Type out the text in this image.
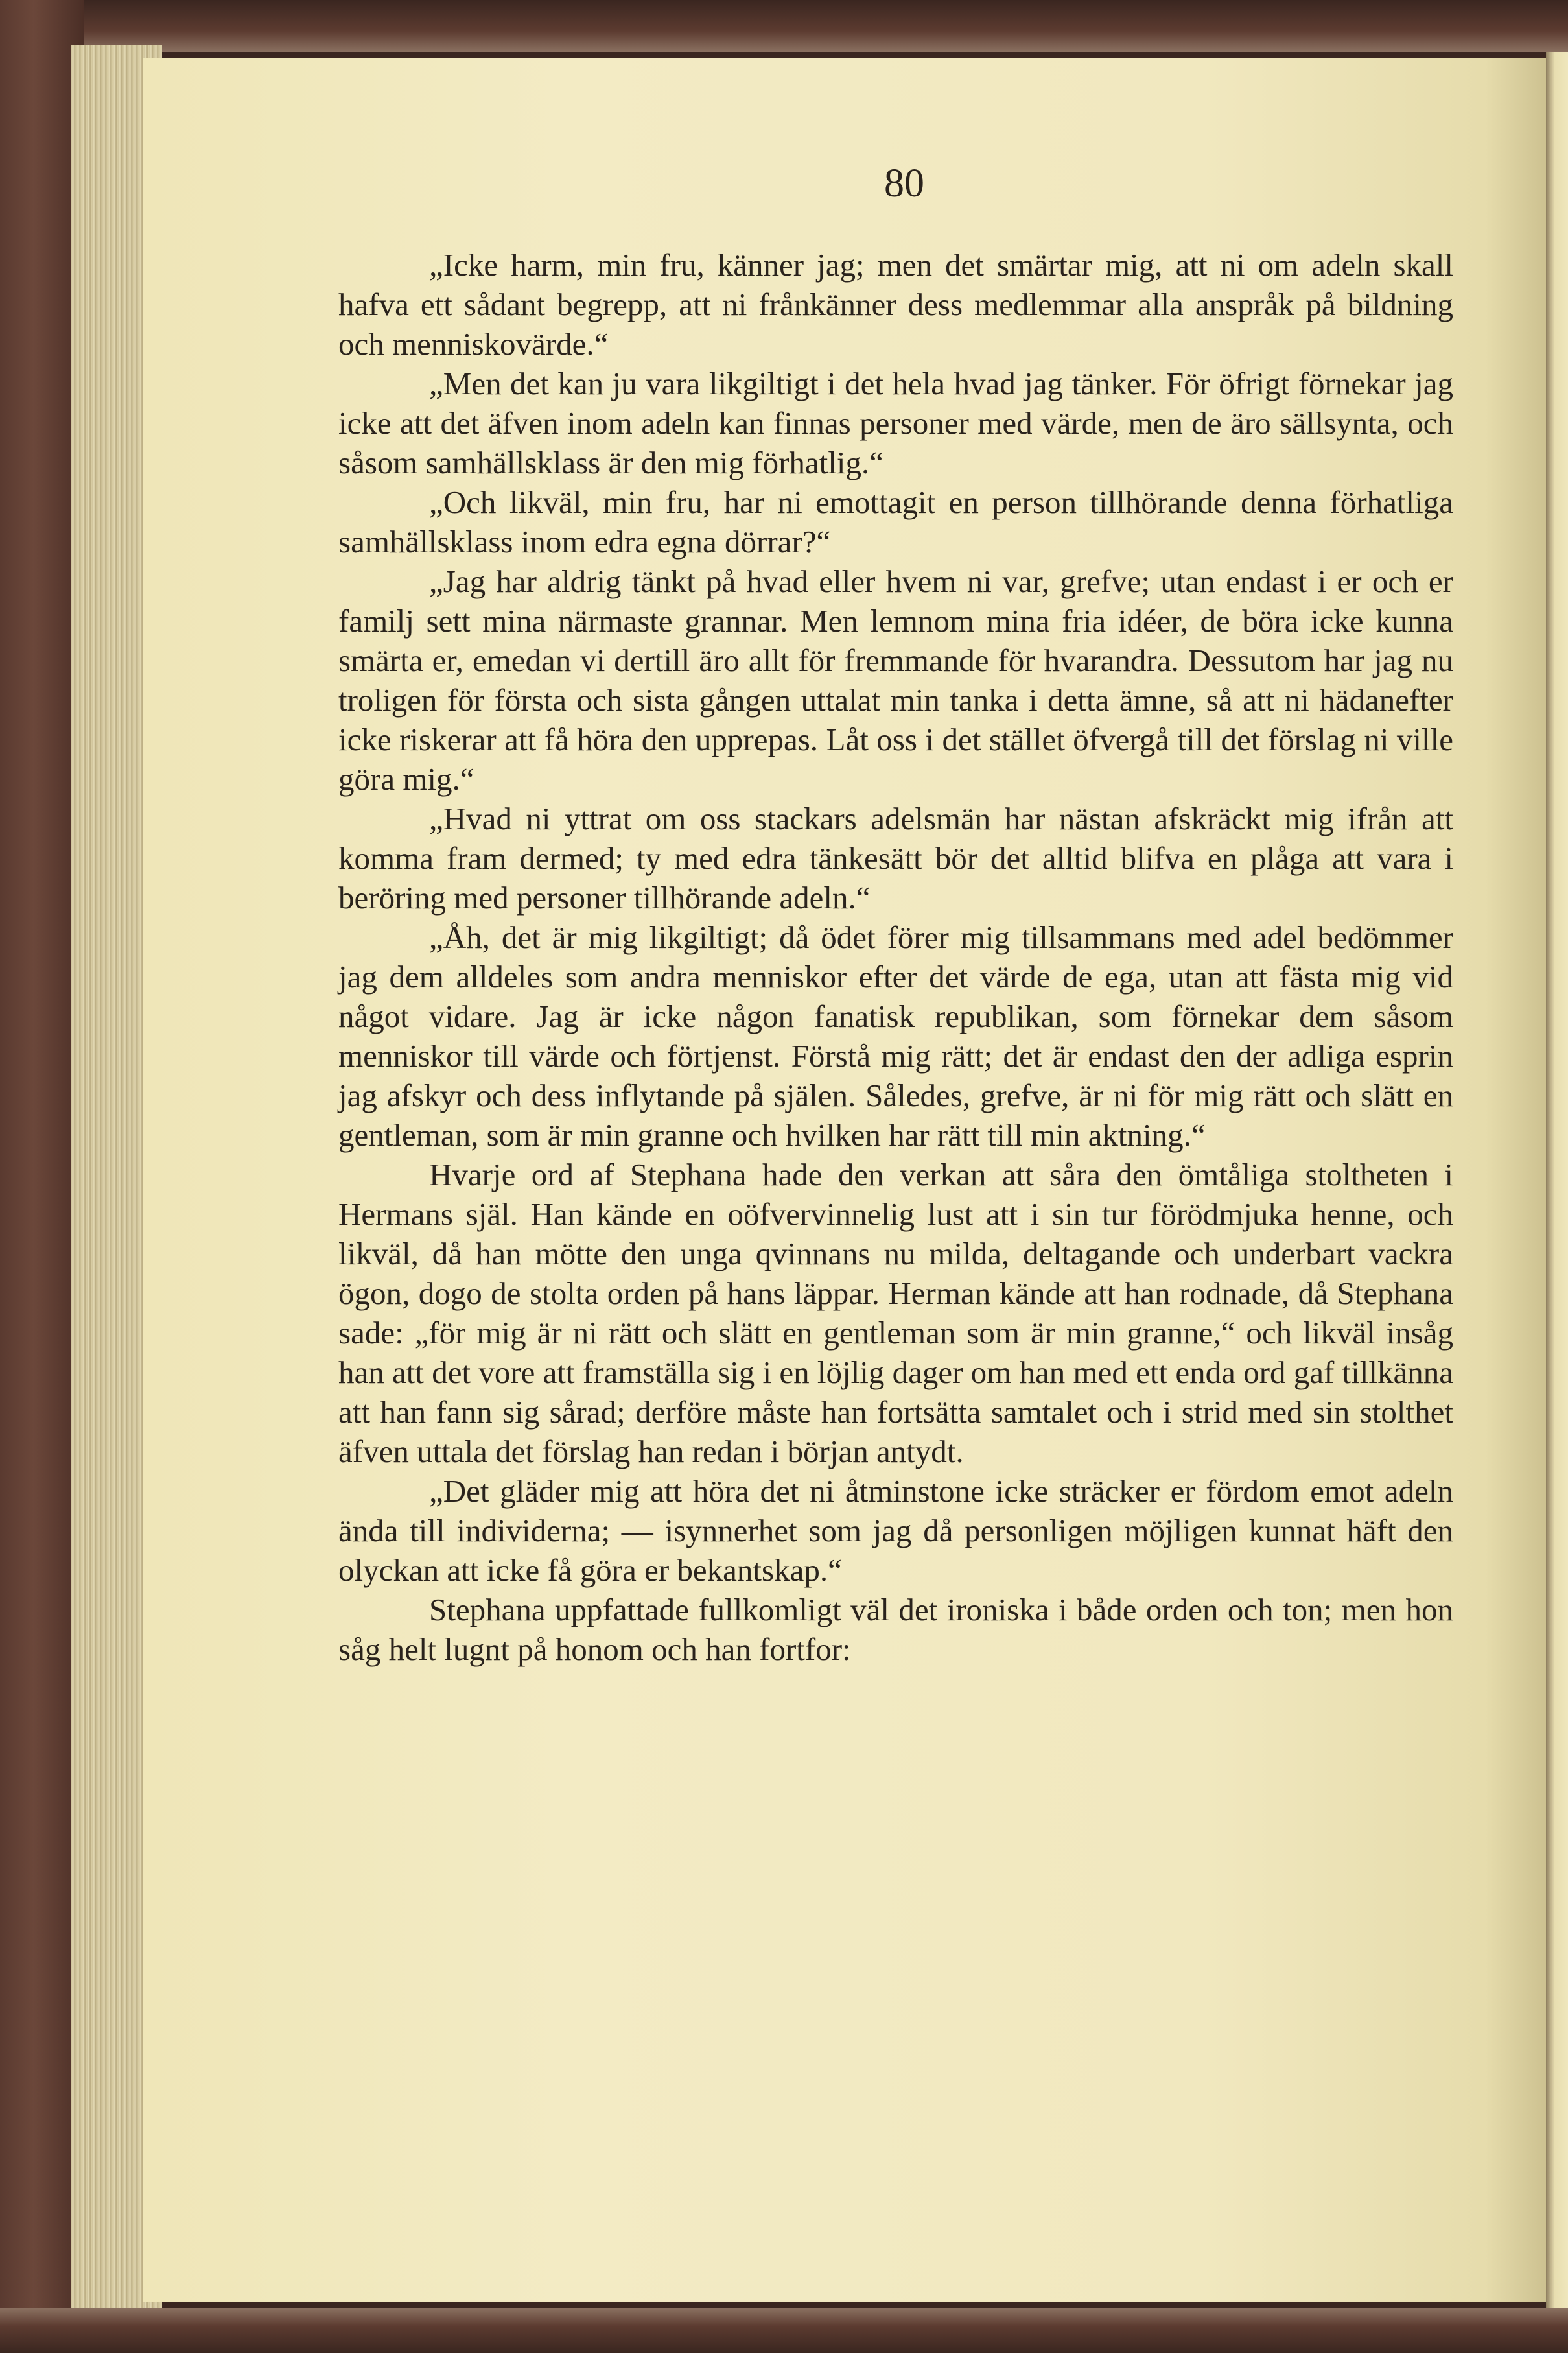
80

„Icke harm, min fru, känner jag; men det smärtar mig, att ni om adeln skall hafva ett sådant begrepp, att ni frånkänner dess medlemmar alla anspråk på bildning och menniskovärde.“

„Men det kan ju vara likgiltigt i det hela hvad jag tänker. För öfrigt förnekar jag icke att det äfven inom adeln kan finnas personer med värde, men de äro sällsynta, och såsom samhällsklass är den mig förhatlig.“

„Och likväl, min fru, har ni emottagit en person tillhörande denna förhatliga samhällsklass inom edra egna dörrar?“

„Jag har aldrig tänkt på hvad eller hvem ni var, grefve; utan endast i er och er familj sett mina närmaste grannar. Men lemnom mina fria idéer, de böra icke kunna smärta er, emedan vi dertill äro allt för fremmande för hvarandra. Dessutom har jag nu troligen för första och sista gången uttalat min tanka i detta ämne, så att ni hädanefter icke riskerar att få höra den upprepas. Låt oss i det stället öfvergå till det förslag ni ville göra mig.“

„Hvad ni yttrat om oss stackars adelsmän har nästan afskräckt mig ifrån att komma fram dermed; ty med edra tänkesätt bör det alltid blifva en plåga att vara i beröring med personer tillhörande adeln.“

„Åh, det är mig likgiltigt; då ödet förer mig tillsammans med adel bedömmer jag dem alldeles som andra menniskor efter det värde de ega, utan att fästa mig vid något vidare. Jag är icke någon fanatisk republikan, som förnekar dem såsom menniskor till värde och förtjenst. Förstå mig rätt; det är endast den der adliga esprin jag afskyr och dess inflytande på själen. Således, grefve, är ni för mig rätt och slätt en gentleman, som är min granne och hvilken har rätt till min aktning.“

Hvarje ord af Stephana hade den verkan att såra den ömtåliga stoltheten i Hermans själ. Han kände en oöfvervinnelig lust att i sin tur förödmjuka henne, och likväl, då han mötte den unga qvinnans nu milda, deltagande och underbart vackra ögon, dogo de stolta orden på hans läppar. Herman kände att han rodnade, då Stephana sade: „för mig är ni rätt och slätt en gentleman som är min granne,“ och likväl insåg han att det vore att framställa sig i en löjlig dager om han med ett enda ord gaf tillkänna att han fann sig sårad; derföre måste han fortsätta samtalet och i strid med sin stolthet äfven uttala det förslag han redan i början antydt.

„Det gläder mig att höra det ni åtminstone icke sträcker er fördom emot adeln ända till individerna; — isynnerhet som jag då personligen möjligen kunnat häft den olyckan att icke få göra er bekantskap.“

Stephana uppfattade fullkomligt väl det ironiska i både orden och ton; men hon såg helt lugnt på honom och han fortfor:
